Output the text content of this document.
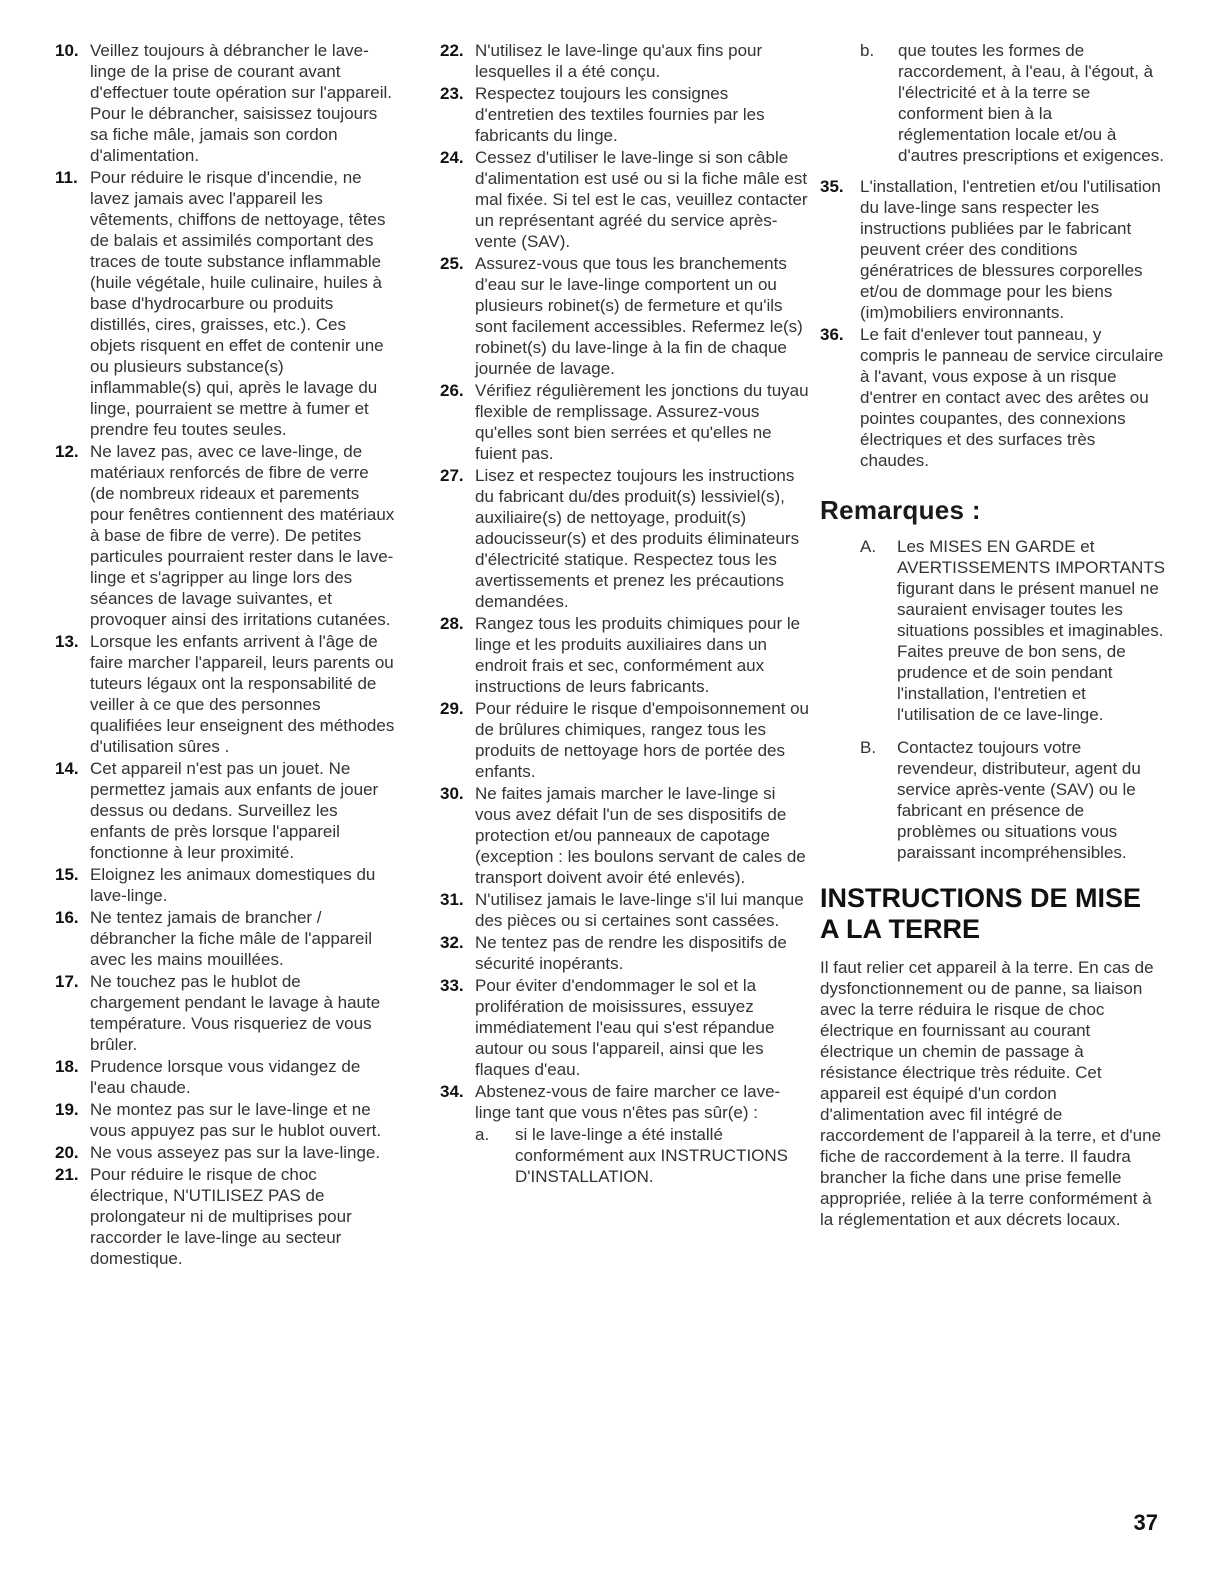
10. Veillez toujours à débrancher le lave-linge de la prise de courant avant d'effectuer toute opération sur l'appareil. Pour le débrancher, saisissez toujours sa fiche mâle, jamais son cordon d'alimentation.
11. Pour réduire le risque d'incendie, ne lavez jamais avec l'appareil les vêtements, chiffons de nettoyage, têtes de balais et assimilés comportant des traces de toute substance inflammable (huile végétale, huile culinaire, huiles à base d'hydrocarbure ou produits distillés, cires, graisses, etc.). Ces objets risquent en effet de contenir une ou plusieurs substance(s) inflammable(s) qui, après le lavage du linge, pourraient se mettre à fumer et prendre feu toutes seules.
12. Ne lavez pas, avec ce lave-linge, de matériaux renforcés de fibre de verre (de nombreux rideaux et parements pour fenêtres contiennent des matériaux à base de fibre de verre). De petites particules pourraient rester dans le lave-linge et s'agripper au linge lors des séances de lavage suivantes, et provoquer ainsi des irritations cutanées.
13. Lorsque les enfants arrivent à l'âge de faire marcher l'appareil, leurs parents ou tuteurs légaux ont la responsabilité de veiller à ce que des personnes qualifiées leur enseignent des méthodes d'utilisation sûres .
14. Cet appareil n'est pas un jouet. Ne permettez jamais aux enfants de jouer dessus ou dedans. Surveillez les enfants de près lorsque l'appareil fonctionne à leur proximité.
15. Eloignez les animaux domestiques du lave-linge.
16. Ne tentez jamais de brancher / débrancher la fiche mâle de l'appareil avec les mains mouillées.
17. Ne touchez pas le hublot de chargement pendant le lavage à haute température. Vous risqueriez de vous brûler.
18. Prudence lorsque vous vidangez de l'eau chaude.
19. Ne montez pas sur le lave-linge et ne vous appuyez pas sur le hublot ouvert.
20. Ne vous asseyez pas sur la lave-linge.
21. Pour réduire le risque de choc électrique, N'UTILISEZ PAS de prolongateur ni de multiprises pour raccorder le lave-linge au secteur domestique.
22. N'utilisez le lave-linge qu'aux fins pour lesquelles il a été conçu.
23. Respectez toujours les consignes d'entretien des textiles fournies par les fabricants du linge.
24. Cessez d'utiliser le lave-linge si son câble d'alimentation est usé ou si la fiche mâle est mal fixée. Si tel est le cas, veuillez contacter un représentant agréé du service après-vente (SAV).
25. Assurez-vous que tous les branchements d'eau sur le lave-linge comportent un ou plusieurs robinet(s) de fermeture et qu'ils sont facilement accessibles. Refermez le(s) robinet(s) du lave-linge à la fin de chaque journée de lavage.
26. Vérifiez régulièrement les jonctions du tuyau flexible de remplissage. Assurez-vous qu'elles sont bien serrées et qu'elles ne fuient pas.
27. Lisez et respectez toujours les instructions du fabricant du/des produit(s) lessiviel(s), auxiliaire(s) de nettoyage, produit(s) adoucisseur(s) et des produits éliminateurs d'électricité statique. Respectez tous les avertissements et prenez les précautions demandées.
28. Rangez tous les produits chimiques pour le linge et les produits auxiliaires dans un endroit frais et sec, conformément aux instructions de leurs fabricants.
29. Pour réduire le risque d'empoisonnement ou de brûlures chimiques, rangez tous les produits de nettoyage hors de portée des enfants.
30. Ne faites jamais marcher le lave-linge si vous avez défait l'un de ses dispositifs de protection et/ou panneaux de capotage (exception : les boulons servant de cales de transport doivent avoir été enlevés).
31. N'utilisez jamais le lave-linge s'il lui manque des pièces ou si certaines sont cassées.
32. Ne tentez pas de rendre les dispositifs de sécurité inopérants.
33. Pour éviter d'endommager le sol et la prolifération de moisissures, essuyez immédiatement l'eau qui s'est répandue autour ou sous l'appareil, ainsi que les flaques d'eau.
34. Abstenez-vous de faire marcher ce lave-linge tant que vous n'êtes pas sûr(e) :
a. si le lave-linge a été installé conformément aux INSTRUCTIONS D'INSTALLATION.
b. que toutes les formes de raccordement, à l'eau, à l'égout, à l'électricité et à la terre se conforment bien à la réglementation locale et/ou à d'autres prescriptions et exigences.
35. L'installation, l'entretien et/ou l'utilisation du lave-linge sans respecter les instructions publiées par le fabricant peuvent créer des conditions génératrices de blessures corporelles et/ou de dommage pour les biens (im)mobiliers environnants.
36. Le fait d'enlever tout panneau, y compris le panneau de service circulaire à l'avant, vous expose à un risque d'entrer en contact avec des arêtes ou pointes coupantes, des connexions électriques et des surfaces très chaudes.
Remarques :
A. Les MISES EN GARDE et AVERTISSEMENTS IMPORTANTS figurant dans le présent manuel ne sauraient envisager toutes les situations possibles et imaginables. Faites preuve de bon sens, de prudence et de soin pendant l'installation, l'entretien et l'utilisation de ce lave-linge.
B. Contactez toujours votre revendeur, distributeur, agent du service après-vente (SAV) ou le fabricant en présence de problèmes ou situations vous paraissant incompréhensibles.
INSTRUCTIONS DE MISE A LA TERRE
Il faut relier cet appareil à la terre. En cas de dysfonctionnement ou de panne, sa liaison avec la terre réduira le risque de choc électrique en fournissant au courant électrique un chemin de passage à résistance électrique très réduite. Cet appareil est équipé d'un cordon d'alimentation avec fil intégré de raccordement de l'appareil à la terre, et d'une fiche de raccordement à la terre. Il faudra brancher la fiche dans une prise femelle appropriée, reliée à la terre conformément à la réglementation et aux décrets locaux.
37
